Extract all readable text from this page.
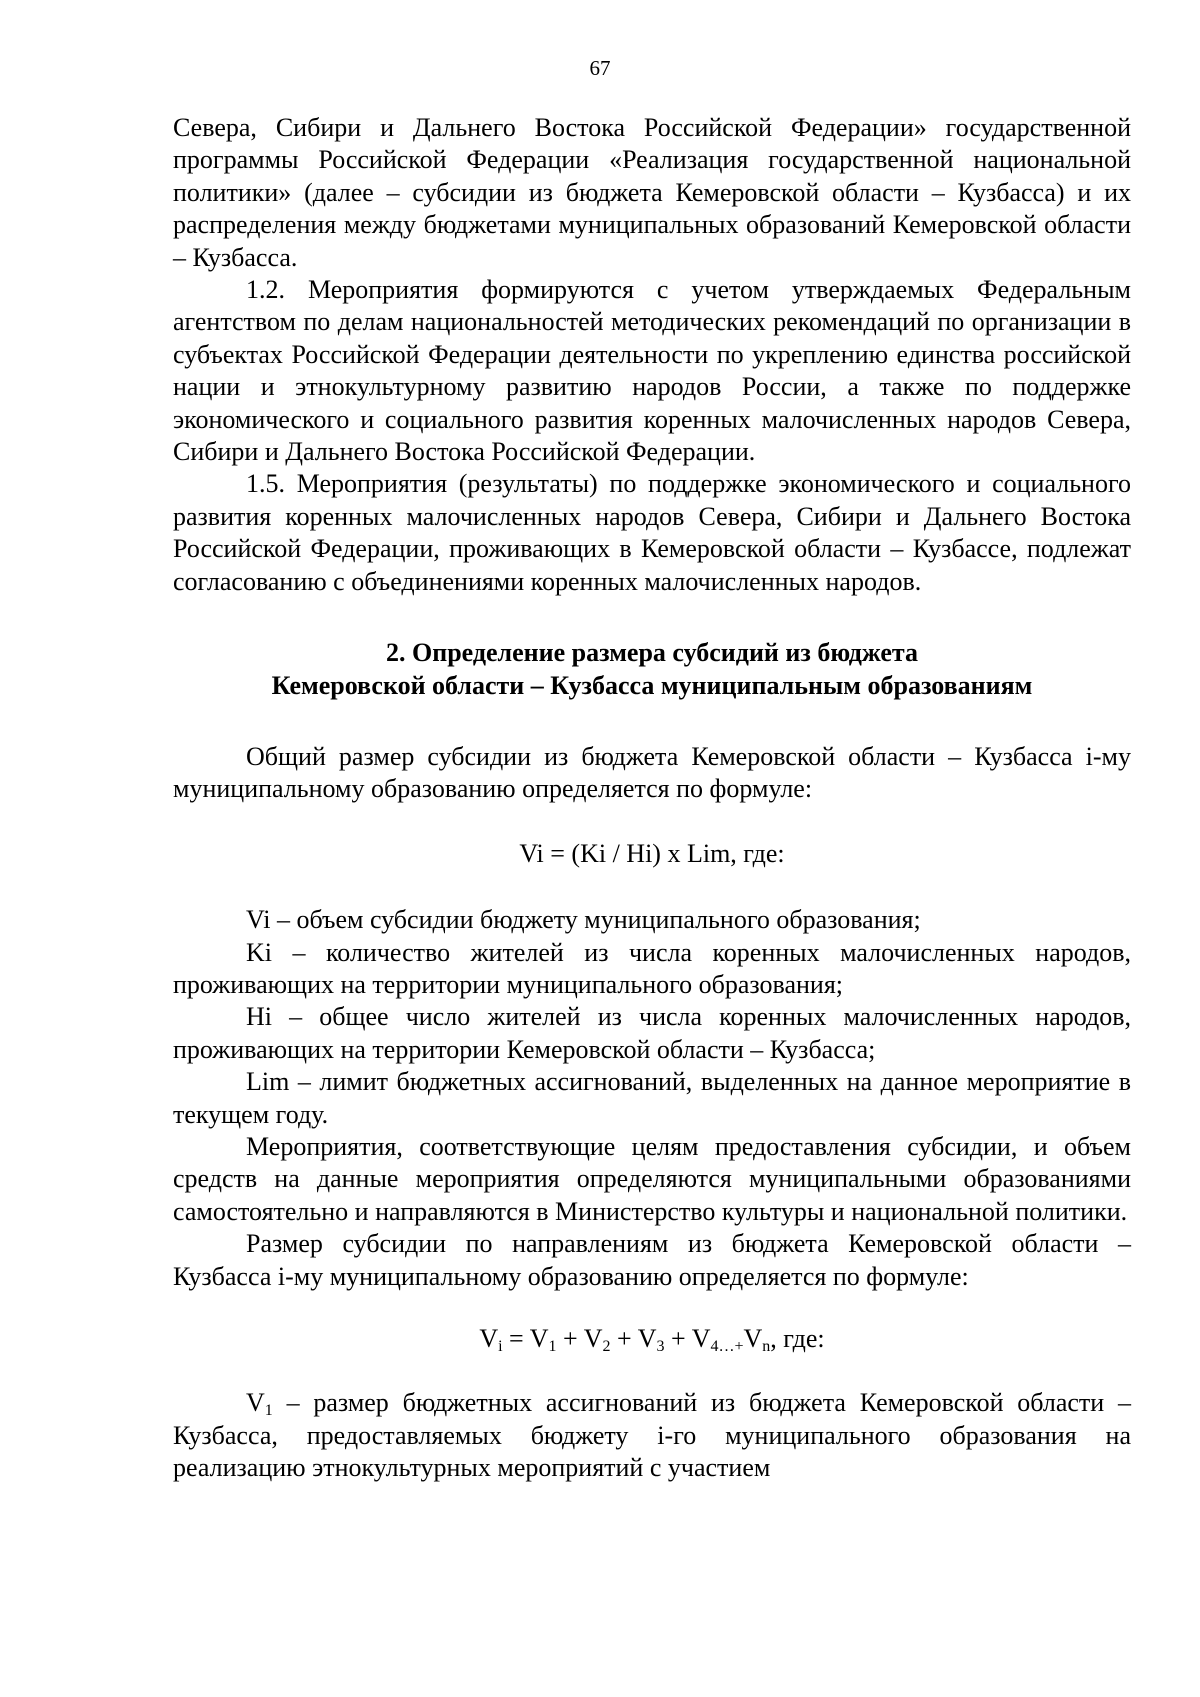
67

Севера, Сибири и Дальнего Востока Российской Федерации» государственной программы Российской Федерации «Реализация государственной национальной политики» (далее – субсидии из бюджета Кемеровской области – Кузбасса) и их распределения между бюджетами муниципальных образований Кемеровской области – Кузбасса.

1.2. Мероприятия формируются с учетом утверждаемых Федеральным агентством по делам национальностей методических рекомендаций по организации в субъектах Российской Федерации деятельности по укреплению единства российской нации и этнокультурному развитию народов России, а также по поддержке экономического и социального развития коренных малочисленных народов Севера, Сибири и Дальнего Востока Российской Федерации.

1.5. Мероприятия (результаты) по поддержке экономического и социального развития коренных малочисленных народов Севера, Сибири и Дальнего Востока Российской Федерации, проживающих в Кемеровской области – Кузбассе, подлежат согласованию с объединениями коренных малочисленных народов.

2. Определение размера субсидий из бюджета
Кемеровской области – Кузбасса муниципальным образованиям

Общий размер субсидии из бюджета Кемеровской области – Кузбасса i-му муниципальному образованию определяется по формуле:

Vi = (Ki / Hi) x Lim, где:

Vi – объем субсидии бюджету муниципального образования;

Ki – количество жителей из числа коренных малочисленных народов, проживающих на территории муниципального образования;

Hi – общее число жителей из числа коренных малочисленных народов, проживающих на территории Кемеровской области – Кузбасса;

Lim – лимит бюджетных ассигнований, выделенных на данное мероприятие в текущем году.

Мероприятия, соответствующие целям предоставления субсидии, и объем средств на данные мероприятия определяются муниципальными образованиями самостоятельно и направляются в Министерство культуры и национальной политики.

Размер субсидии по направлениям из бюджета Кемеровской области – Кузбасса i-му муниципальному образованию определяется по формуле:

$V_i = V_1 + V_2 + V_3 + V_{4\dots+}V_n$, где:

$V_1$ – размер бюджетных ассигнований из бюджета Кемеровской области – Кузбасса, предоставляемых бюджету i-го муниципального образования на реализацию этнокультурных мероприятий с участием
